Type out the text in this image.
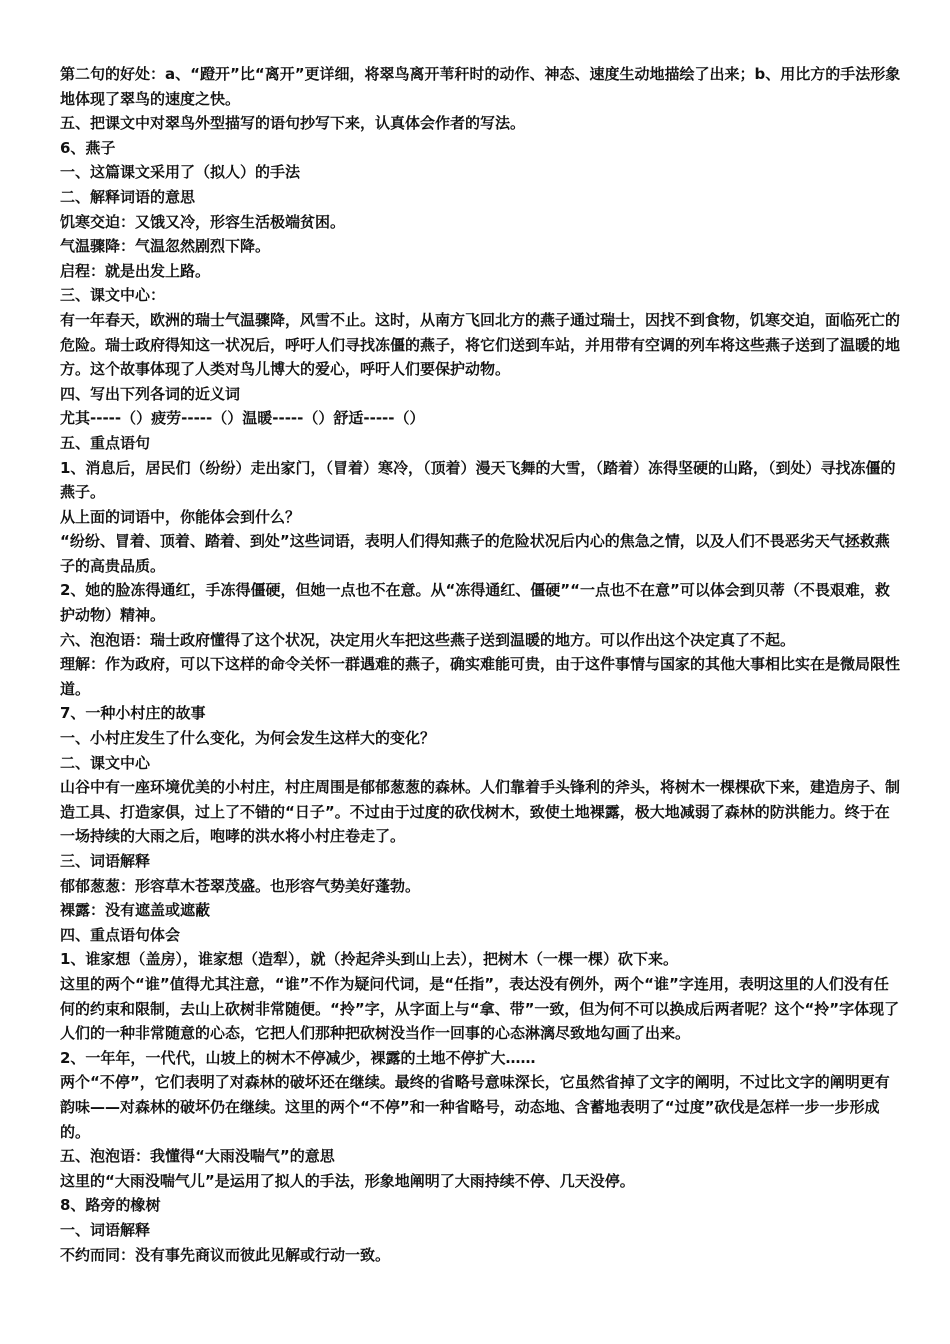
第二句的好处：a、“蹬开”比“离开”更详细，将翠鸟离开苇秆时的动作、神态、速度生动地描绘了出来；b、用比方的手法形象地体现了翠鸟的速度之快。

五、把课文中对翠鸟外型描写的语句抄写下来，认真体会作者的写法。

6、燕子

一、这篇课文采用了（拟人）的手法

二、解释词语的意思

饥寒交迫：又饿又冷，形容生活极端贫困。

气温骤降：气温忽然剧烈下降。

启程：就是出发上路。

三、课文中心：

有一年春天，欧洲的瑞士气温骤降，风雪不止。这时，从南方飞回北方的燕子通过瑞士，因找不到食物，饥寒交迫，面临死亡的危险。瑞士政府得知这一状况后，呼吁人们寻找冻僵的燕子，将它们送到车站，并用带有空调的列车将这些燕子送到了温暖的地方。这个故事体现了人类对鸟儿博大的爱心，呼吁人们要保护动物。

四、写出下列各词的近义词

尤其-----（）疲劳-----（）温暖-----（）舒适-----（）

五、重点语句

1、消息后，居民们（纷纷）走出家门，（冒着）寒冷，（顶着）漫天飞舞的大雪，（踏着）冻得坚硬的山路，（到处）寻找冻僵的燕子。

从上面的词语中，你能体会到什么？

“纷纷、冒着、顶着、踏着、到处”这些词语，表明人们得知燕子的危险状况后内心的焦急之情，以及人们不畏恶劣天气拯救燕子的高贵品质。

2、她的脸冻得通红，手冻得僵硬，但她一点也不在意。从“冻得通红、僵硬”“一点也不在意”可以体会到贝蒂（不畏艰难，救护动物）精神。

六、泡泡语：瑞士政府懂得了这个状况，决定用火车把这些燕子送到温暖的地方。可以作出这个决定真了不起。

理解：作为政府，可以下这样的命令关怀一群遇难的燕子，确实难能可贵，由于这件事情与国家的其他大事相比实在是微局限性道。

7、一种小村庄的故事

一、小村庄发生了什么变化，为何会发生这样大的变化？

二、课文中心

山谷中有一座环境优美的小村庄，村庄周围是郁郁葱葱的森林。人们靠着手头锋利的斧头，将树木一棵棵砍下来，建造房子、制造工具、打造家俱，过上了不错的“日子”。不过由于过度的砍伐树木，致使土地裸露，极大地减弱了森林的防洪能力。终于在一场持续的大雨之后，咆哮的洪水将小村庄卷走了。

三、词语解释

郁郁葱葱：形容草木苍翠茂盛。也形容气势美好蓬勃。

裸露：没有遮盖或遮蔽

四、重点语句体会

1、谁家想（盖房），谁家想（造犁），就（拎起斧头到山上去），把树木（一棵一棵）砍下来。

这里的两个“谁”值得尤其注意，“谁”不作为疑问代词，是“任指”，表达没有例外，两个“谁”字连用，表明这里的人们没有任何的约束和限制，去山上砍树非常随便。“拎”字，从字面上与“拿、带”一致，但为何不可以换成后两者呢？这个“拎”字体现了人们的一种非常随意的心态，它把人们那种把砍树没当作一回事的心态淋漓尽致地勾画了出来。

2、一年年，一代代，山坡上的树木不停减少，裸露的土地不停扩大……

两个“不停”，它们表明了对森林的破坏还在继续。最终的省略号意味深长，它虽然省掉了文字的阐明，不过比文字的阐明更有韵味——对森林的破坏仍在继续。这里的两个“不停”和一种省略号，动态地、含蓄地表明了“过度”砍伐是怎样一步一步形成的。

五、泡泡语：我懂得“大雨没喘气”的意思

这里的“大雨没喘气儿”是运用了拟人的手法，形象地阐明了大雨持续不停、几天没停。

8、路旁的橡树

一、词语解释

不约而同：没有事先商议而彼此见解或行动一致。
